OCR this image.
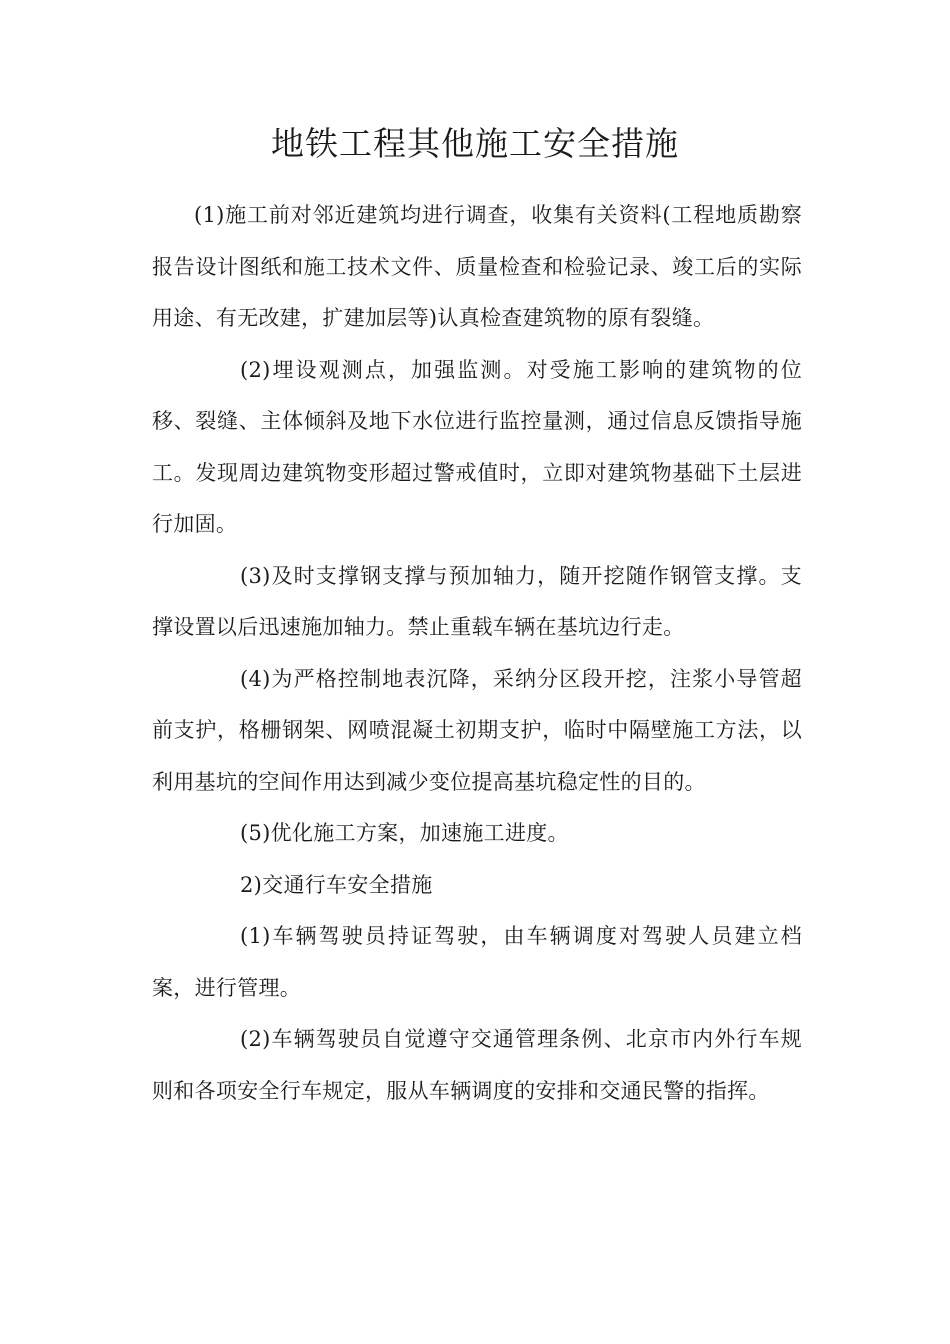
地铁工程其他施工安全措施

(1)施工前对邻近建筑均进行调查，收集有关资料(工程地质勘察报告设计图纸和施工技术文件、质量检查和检验记录、竣工后的实际用途、有无改建，扩建加层等)认真检查建筑物的原有裂缝。

(2)埋设观测点，加强监测。对受施工影响的建筑物的位移、裂缝、主体倾斜及地下水位进行监控量测，通过信息反馈指导施工。发现周边建筑物变形超过警戒值时，立即对建筑物基础下土层进行加固。

(3)及时支撑钢支撑与预加轴力，随开挖随作钢管支撑。支撑设置以后迅速施加轴力。禁止重载车辆在基坑边行走。

(4)为严格控制地表沉降，采纳分区段开挖，注浆小导管超前支护，格栅钢架、网喷混凝土初期支护，临时中隔壁施工方法，以利用基坑的空间作用达到减少变位提高基坑稳定性的目的。

(5)优化施工方案，加速施工进度。

2)交通行车安全措施

(1)车辆驾驶员持证驾驶，由车辆调度对驾驶人员建立档案，进行管理。

(2)车辆驾驶员自觉遵守交通管理条例、北京市内外行车规则和各项安全行车规定，服从车辆调度的安排和交通民警的指挥。
